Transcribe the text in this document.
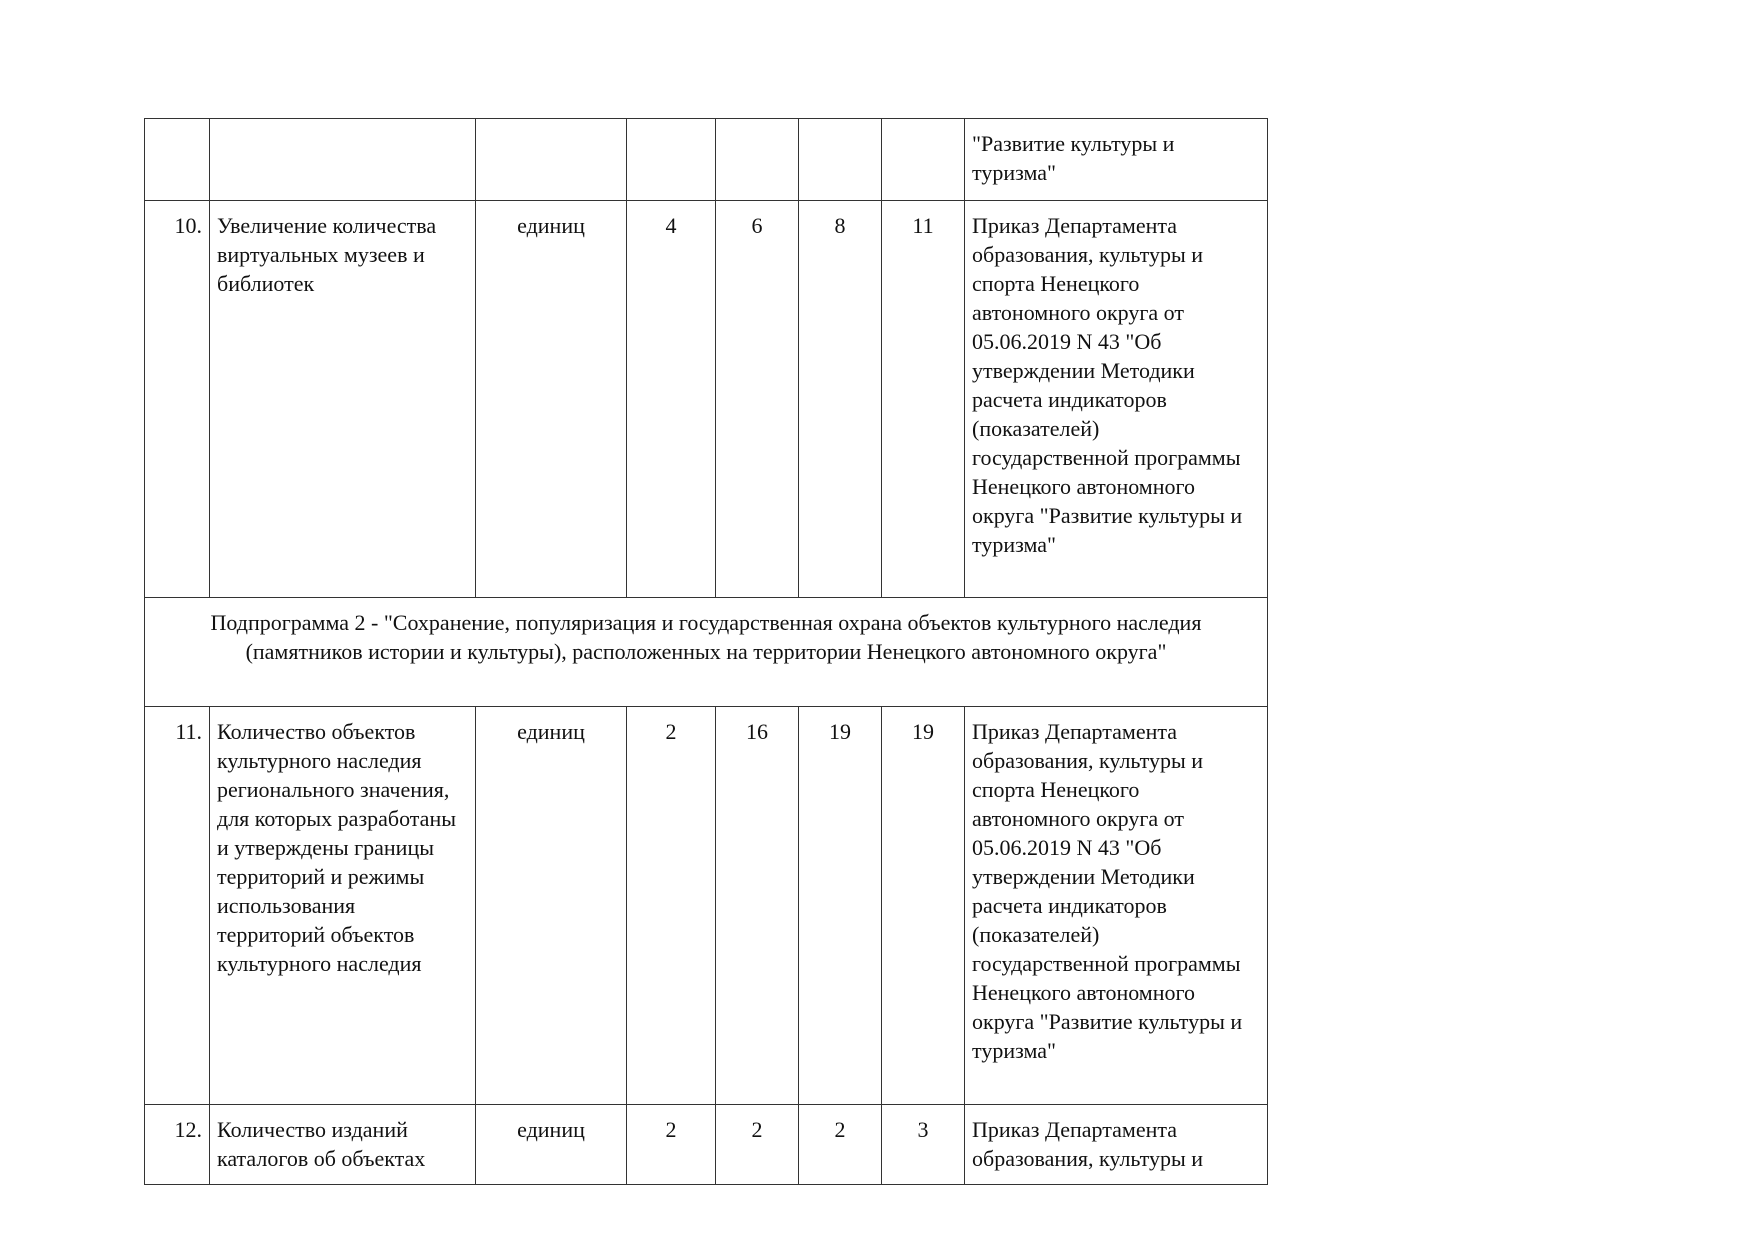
							"Развитие культуры и туризма"
10.	Увеличение количества виртуальных музеев и библиотек	единиц	4	6	8	11	Приказ Департамента образования, культуры и спорта Ненецкого автономного округа от 05.06.2019 N 43 "Об утверждении Методики расчета индикаторов (показателей) государственной программы Ненецкого автономного округа "Развитие культуры и туризма"
Подпрограмма 2 - "Сохранение, популяризация и государственная охрана объектов культурного наследия (памятников истории и культуры), расположенных на территории Ненецкого автономного округа"							
11.	Количество объектов культурного наследия регионального значения, для которых разработаны и утверждены границы территорий и режимы использования территорий объектов культурного наследия	единиц	2	16	19	19	Приказ Департамента образования, культуры и спорта Ненецкого автономного округа от 05.06.2019 N 43 "Об утверждении Методики расчета индикаторов (показателей) государственной программы Ненецкого автономного округа "Развитие культуры и туризма"
12.	Количество изданий каталогов об объектах	единиц	2	2	2	3	Приказ Департамента образования, культуры и
